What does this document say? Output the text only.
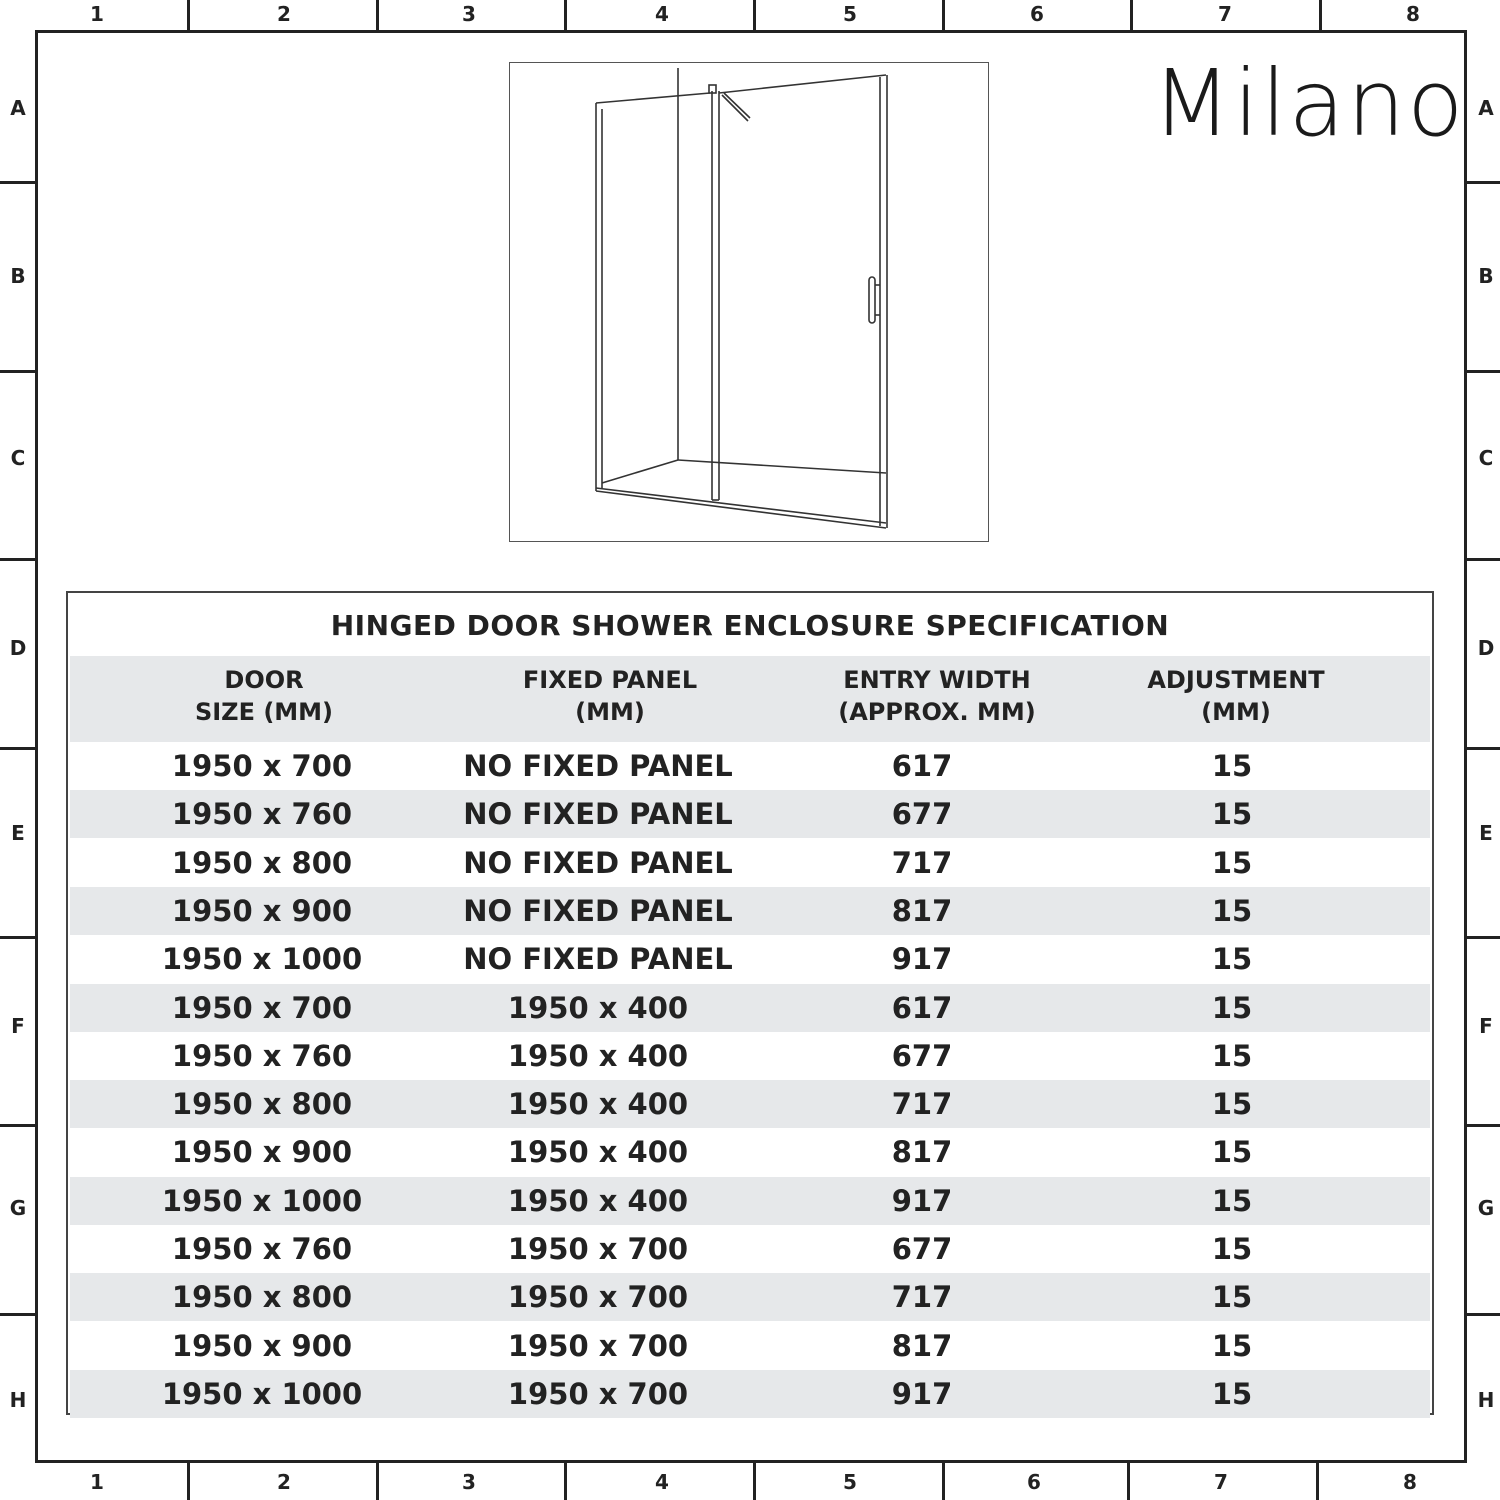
1	2	3	4	5	6	7	8
1	2	3	4	5	6	7	8
A
B
C
D
E
F
G
H
A
B
C
D
E
F
G
H
Milano
HINGED DOOR SHOWER ENCLOSURE SPECIFICATION
DOOR
SIZE (MM)
FIXED PANEL
(MM)
ENTRY WIDTH
(APPROX. MM)
ADJUSTMENT
(MM)
1950 x 700	NO FIXED PANEL	617	15
1950 x 760	NO FIXED PANEL	677	15
1950 x 800	NO FIXED PANEL	717	15
1950 x 900	NO FIXED PANEL	817	15
1950 x 1000	NO FIXED PANEL	917	15
1950 x 700	1950 x 400	617	15
1950 x 760	1950 x 400	677	15
1950 x 800	1950 x 400	717	15
1950 x 900	1950 x 400	817	15
1950 x 1000	1950 x 400	917	15
1950 x 760	1950 x 700	677	15
1950 x 800	1950 x 700	717	15
1950 x 900	1950 x 700	817	15
1950 x 1000	1950 x 700	917	15
